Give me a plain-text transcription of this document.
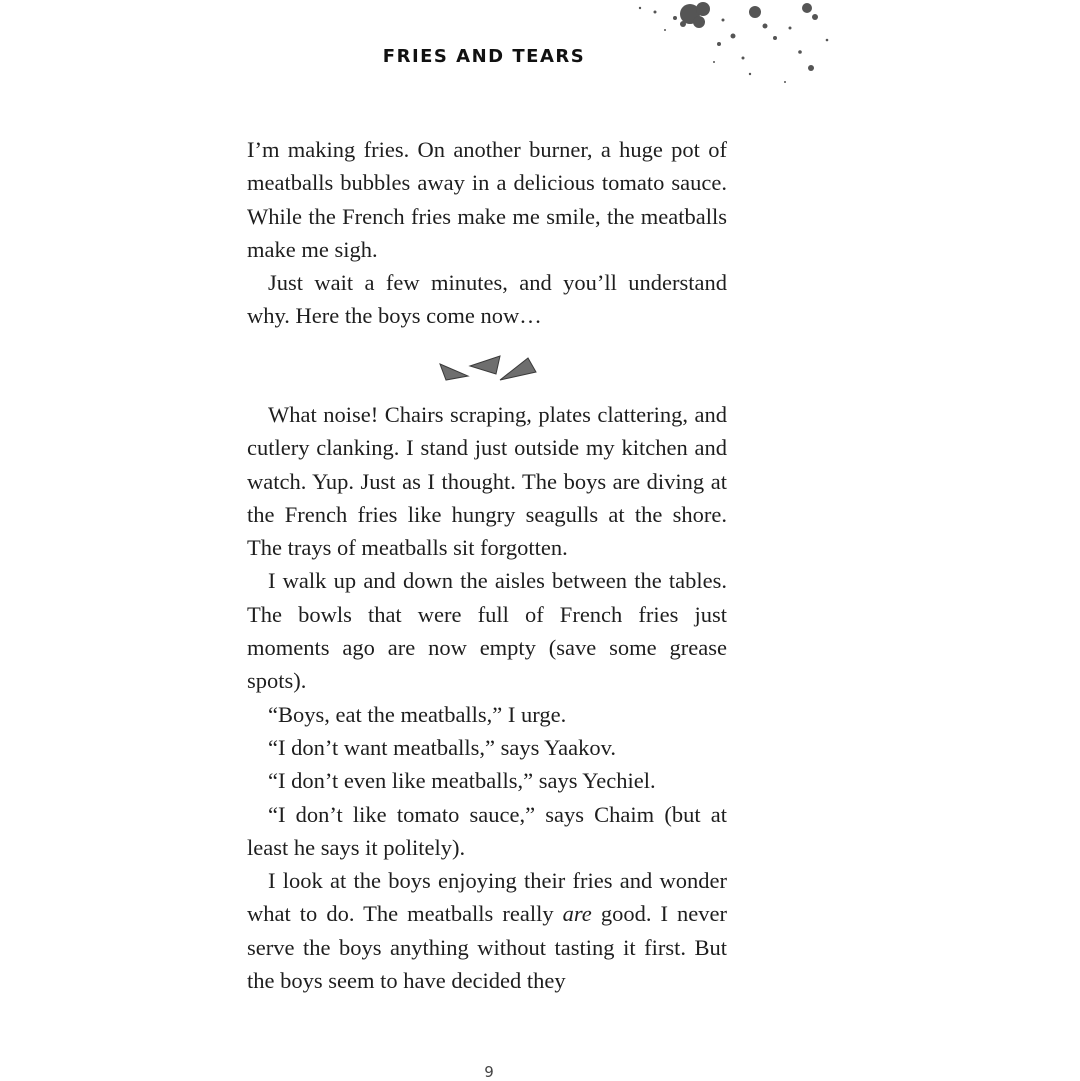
FRIES AND TEARS

I’m making fries. On another burner, a huge pot of meatballs bubbles away in a delicious tomato sauce. While the French fries make me smile, the meatballs make me sigh.

Just wait a few minutes, and you’ll understand why. Here the boys come now…

What noise! Chairs scraping, plates clattering, and cutlery clanking. I stand just outside my kitchen and watch. Yup. Just as I thought. The boys are diving at the French fries like hungry seagulls at the shore. The trays of meatballs sit forgotten.

I walk up and down the aisles between the tables. The bowls that were full of French fries just moments ago are now empty (save some grease spots).

“Boys, eat the meatballs,” I urge.

“I don’t want meatballs,” says Yaakov.

“I don’t even like meatballs,” says Yechiel.

“I don’t like tomato sauce,” says Chaim (but at least he says it politely).

I look at the boys enjoying their fries and wonder what to do. The meatballs really are good. I never serve the boys anything without tasting it first. But the boys seem to have decided they

9
